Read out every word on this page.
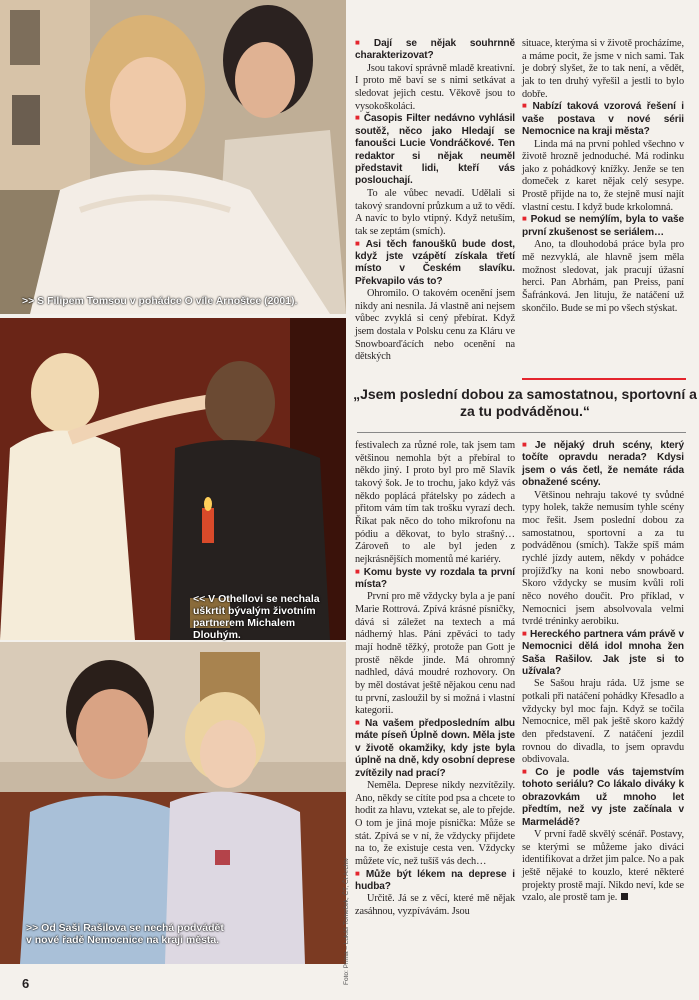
>> S Filipem Tomsou v pohádce O víle Arnoštce (2001).
<< V Othellovi se nechala uškrtit bývalým životním partnerem Michalem Dlouhým.
>> Od Saši Rašilova se nechá podvádět v nové řadě Nemocnice na kraji města.

■ Dají se nějak souhrnně charakterizovat?

Jsou takoví správně mladě kreativní. I proto mě baví se s nimi setkávat a sledovat jejich cestu. Věkově jsou to vysokoškoláci.

■ Časopis Filter nedávno vyhlásil soutěž, něco jako Hledají se fanoušci Lucie Vondráčkové. Ten redaktor si nějak neuměl představit lidi, kteří vás poslouchají.

To ale vůbec nevadí. Udělali si takový srandovní průzkum a už to vědí. A navíc to bylo vtipný. Když netuším, tak se zeptám (smích).

■ Asi těch fanoušků bude dost, když jste vzápětí získala třetí místo v Českém slavíku. Překvapilo vás to?

Ohromilo. O takovém ocenění jsem nikdy ani nesnila. Já vlastně ani nejsem vůbec zvyklá si cený přebírat. Když jsem dostala v Polsku cenu za Kláru ve Snowboarďácích nebo ocenění na dětských

situace, kterýma si v životě procházíme, a máme pocit, že jsme v nich sami. Tak je dobrý slyšet, že to tak není, a vědět, jak to ten druhý vyřešil a jestli to bylo dobře.

■ Nabízí taková vzorová řešení i vaše postava v nové sérii Nemocnice na kraji města?

Linda má na první pohled všechno v životě hrozně jednoduché. Má rodinku jako z pohádkový knížky. Jenže se ten domeček z karet nějak celý sesype. Prostě přijde na to, že stejně musí najít vlastní cestu. I když bude krkolomná.

■ Pokud se nemýlím, byla to vaše první zkušenost se seriálem…

Ano, ta dlouhodobá práce byla pro mě nezvyklá, ale hlavně jsem měla možnost sledovat, jak pracují úžasní herci. Pan Abrhám, pan Preiss, paní Šafránková. Jen lituju, že natáčení už skončilo. Bude se mi po všech stýskat.

„Jsem poslední dobou za samostatnou, sportovní a za tu podváděnou.“

festivalech za různé role, tak jsem tam většinou nemohla být a přebíral to někdo jiný. I proto byl pro mě Slavík takový šok. Je to trochu, jako když vás někdo poplácá přátelsky po zádech a přitom vám tím tak trošku vyrazí dech. Říkat pak něco do toho mikrofonu na pódiu a děkovat, to bylo strašný… Zároveň to ale byl jeden z nejkrásnějších momentů mé kariéry.

■ Komu byste vy rozdala ta první místa?

První pro mě vždycky byla a je paní Marie Rottrová. Zpívá krásné písničky, dává si záležet na textech a má nádherný hlas. Páni zpěváci to tady mají hodně těžký, protože pan Gott je prostě někde jinde. Má ohromný nadhled, dává moudré rozhovory. On by měl dostávat ještě nějakou cenu nad tu první, zasloužil by si možná i vlastní kategorii.

■ Na vašem předposledním albu máte píseň Úplně down. Měla jste v životě okamžiky, kdy jste byla úplně na dně, kdy osobní deprese zvítězily nad prací?

Neměla. Deprese nikdy nezvítězily. Ano, někdy se cítíte pod psa a chcete to hodit za hlavu, vztekat se, ale to přejde. O tom je jiná moje písnička: Může se stát. Zpívá se v ní, že vždycky přijdete na to, že existuje cesta ven. Vždycky můžete víc, než tušíš vás dech…

■ Může být lékem na deprese i hudba?

Určitě. Já se z věcí, které mě nějak zasáhnou, vyzpívávám. Jsou

■ Je nějaký druh scény, který točíte opravdu nerada? Kdysi jsem o vás četl, že nemáte ráda obnažené scény.

Většinou nehraju takové ty svůdné typy holek, takže nemusím tyhle scény moc řešit. Jsem poslední dobou za samostatnou, sportovní a za tu podváděnou (smích). Takže spíš mám rychlé jízdy autem, někdy v pohádce projížďky na koni nebo snowboard. Skoro vždycky se musím kvůli roli něco nového doučit. Pro příklad, v Nemocnici jsem absolvovala velmi tvrdé tréninky aerobiku.

■ Hereckého partnera vám právě v Nemocnici dělá idol mnoha žen Saša Rašilov. Jak jste si to užívala?

Se Sašou hraju ráda. Už jsme se potkali při natáčení pohádky Křesadlo a vždycky byl moc fajn. Když se točila Nemocnice, měl pak ještě skoro každý den představení. Z natáčení jezdil rovnou do divadla, to jsem opravdu obdivovala.

■ Co je podle vás tajemstvím tohoto seriálu? Co lákalo diváky k obrazovkám už mnoho let předtím, než vy jste začínala v Marmeládě?

V první řadě skvělý scénář. Postavy, se kterými se můžeme jako diváci identifikovat a držet jim palce. No a pak ještě nějaké to kouzlo, které některé projekty prostě mají. Nikdo neví, kde se vzalo, ale prostě tam je.

Foto: Prima – Lukáš Tomeček, ČT, Čt Archiv
6
